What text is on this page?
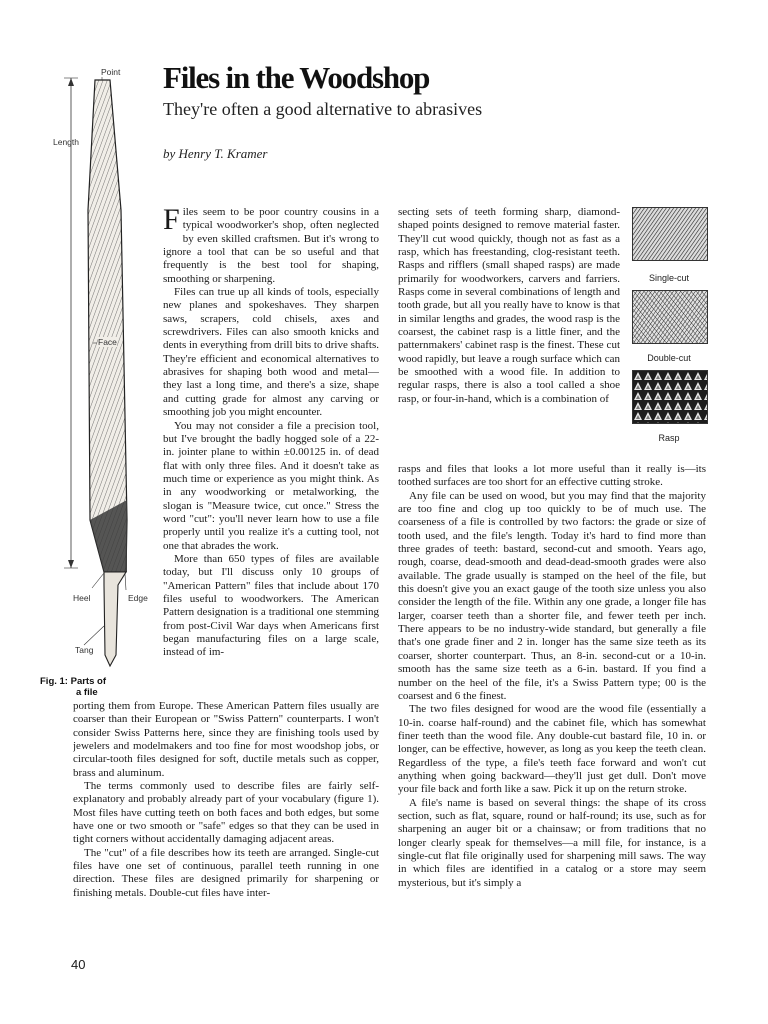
Point
Length
Face
Heel	Edge
Tang
Fig. 1: Parts of
a file
Files in the Woodshop

They're often a good alternative to abrasives

by Henry T. Kramer

Files seem to be poor country cousins in a typical woodworker's shop, often neglected by even skilled craftsmen. But it's wrong to ignore a tool that can be so useful and that frequently is the best tool for shaping, smoothing or sharpening.

Files can true up all kinds of tools, especially new planes and spokeshaves. They sharpen saws, scrapers, cold chisels, axes and screwdrivers. Files can also smooth knicks and dents in everything from drill bits to drive shafts. They're efficient and economical alternatives to abrasives for shaping both wood and metal—they last a long time, and there's a size, shape and cutting grade for almost any carving or smoothing job you might encounter.

You may not consider a file a precision tool, but I've brought the badly hogged sole of a 22-in. jointer plane to within ±0.00125 in. of dead flat with only three files. And it doesn't take as much time or experience as you might think. As in any woodworking or metalworking, the slogan is "Measure twice, cut once." Stress the word "cut": you'll never learn how to use a file properly until you realize it's a cutting tool, not one that abrades the work.

More than 650 types of files are available today, but I'll discuss only 10 groups of "American Pattern" files that include about 170 files useful to woodworkers. The American Pattern designation is a traditional one stemming from post-Civil War days when Americans first began manufacturing files on a large scale, instead of im-

porting them from Europe. These American Pattern files usually are coarser than their European or "Swiss Pattern" counterparts. I won't consider Swiss Patterns here, since they are finishing tools used by jewelers and modelmakers and too fine for most woodshop jobs, or circular-tooth files designed for soft, ductile metals such as copper, brass and aluminum.

The terms commonly used to describe files are fairly self-explanatory and probably already part of your vocabulary (figure 1). Most files have cutting teeth on both faces and both edges, but some have one or two smooth or "safe" edges so that they can be used in tight corners without accidentally damaging adjacent areas.

The "cut" of a file describes how its teeth are arranged. Single-cut files have one set of continuous, parallel teeth running in one direction. These files are designed primarily for sharpening or finishing metals. Double-cut files have inter-

secting sets of teeth forming sharp, diamond-shaped points designed to remove material faster. They'll cut wood quickly, though not as fast as a rasp, which has freestanding, clog-resistant teeth. Rasps and rifflers (small shaped rasps) are made primarily for woodworkers, carvers and farriers. Rasps come in several combinations of length and tooth grade, but all you really have to know is that in similar lengths and grades, the wood rasp is the coarsest, the cabinet rasp is a little finer, and the patternmakers' cabinet rasp is the finest. These cut wood rapidly, but leave a rough surface which can be smoothed with a wood file. In addition to regular rasps, there is also a tool called a shoe rasp, or four-in-hand, which is a combination of

rasps and files that looks a lot more useful than it really is—its toothed surfaces are too short for an effective cutting stroke.

Any file can be used on wood, but you may find that the majority are too fine and clog up too quickly to be of much use. The coarseness of a file is controlled by two factors: the grade or size of tooth used, and the file's length. Today it's hard to find more than three grades of teeth: bastard, second-cut and smooth. Years ago, rough, coarse, dead-smooth and dead-dead-smooth grades were also available. The grade usually is stamped on the heel of the file, but this doesn't give you an exact gauge of the tooth size unless you also consider the length of the file. Within any one grade, a longer file has larger, coarser teeth than a shorter file, and fewer teeth per inch. There appears to be no industry-wide standard, but generally a file that's one grade finer and 2 in. longer has the same size teeth as its coarser, shorter counterpart. Thus, an 8-in. second-cut or a 10-in. smooth has the same size teeth as a 6-in. bastard. If you find a number on the heel of the file, it's a Swiss Pattern type; 00 is the coarsest and 6 the finest.

The two files designed for wood are the wood file (essentially a 10-in. coarse half-round) and the cabinet file, which has somewhat finer teeth than the wood file. Any double-cut bastard file, 10 in. or longer, can be effective, however, as long as you keep the teeth clean. Regardless of the type, a file's teeth face forward and won't cut anything when going backward—they'll just get dull. Don't move your file back and forth like a saw. Pick it up on the return stroke.

A file's name is based on several things: the shape of its cross section, such as flat, square, round or half-round; its use, such as for sharpening an auger bit or a chainsaw; or from traditions that no longer clearly speak for themselves—a mill file, for instance, is a single-cut flat file originally used for sharpening mill saws. The way in which files are identified in a catalog or a store may seem mysterious, but it's simply a

Single-cut
Double-cut
Rasp

40
